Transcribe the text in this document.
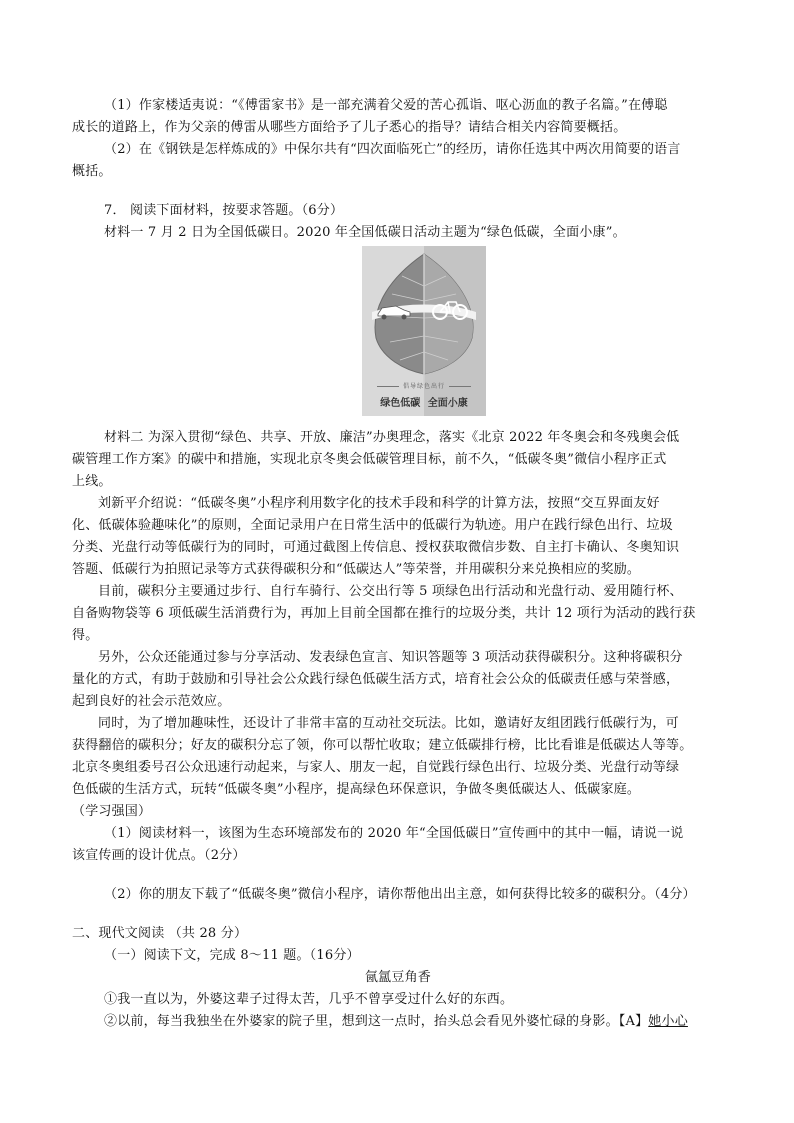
（1）作家楼适夷说：“《傅雷家书》是一部充满着父爱的苦心孤诣、呕心沥血的教子名篇。”在傅聪
成长的道路上，作为父亲的傅雷从哪些方面给予了儿子悉心的指导？请结合相关内容简要概括。
（2）在《钢铁是怎样炼成的》中保尔共有“四次面临死亡”的经历，请你任选其中两次用简要的语言
概括。
7． 阅读下面材料，按要求答题。（6分）
材料一 7 月 2 日为全国低碳日。2020 年全国低碳日活动主题为“绿色低碳，全面小康”。
倡导绿色出行
绿色低碳 全面小康
材料二 为深入贯彻“绿色、共享、开放、廉洁”办奥理念，落实《北京 2022 年冬奥会和冬残奥会低
碳管理工作方案》的碳中和措施，实现北京冬奥会低碳管理目标，前不久，“低碳冬奥”微信小程序正式
上线。
刘新平介绍说：“低碳冬奥”小程序利用数字化的技术手段和科学的计算方法，按照“交互界面友好
化、低碳体验趣味化”的原则，全面记录用户在日常生活中的低碳行为轨迹。用户在践行绿色出行、垃圾
分类、光盘行动等低碳行为的同时，可通过截图上传信息、授权获取微信步数、自主打卡确认、冬奥知识
答题、低碳行为拍照记录等方式获得碳积分和“低碳达人”等荣誉，并用碳积分来兑换相应的奖励。
目前，碳积分主要通过步行、自行车骑行、公交出行等 5 项绿色出行活动和光盘行动、爱用随行杯、
自备购物袋等 6 项低碳生活消费行为，再加上目前全国都在推行的垃圾分类，共计 12 项行为活动的践行获
得。
另外，公众还能通过参与分享活动、发表绿色宣言、知识答题等 3 项活动获得碳积分。这种将碳积分
量化的方式，有助于鼓励和引导社会公众践行绿色低碳生活方式，培育社会公众的低碳责任感与荣誉感，
起到良好的社会示范效应。
同时，为了增加趣味性，还设计了非常丰富的互动社交玩法。比如，邀请好友组团践行低碳行为，可
获得翻倍的碳积分；好友的碳积分忘了领，你可以帮忙收取；建立低碳排行榜，比比看谁是低碳达人等等。
北京冬奥组委号召公众迅速行动起来，与家人、朋友一起，自觉践行绿色出行、垃圾分类、光盘行动等绿
色低碳的生活方式，玩转“低碳冬奥”小程序，提高绿色环保意识，争做冬奥低碳达人、低碳家庭。
（学习强国）
（1）阅读材料一，该图为生态环境部发布的 2020 年“全国低碳日”宣传画中的其中一幅，请说一说
该宣传画的设计优点。（2分）
（2）你的朋友下载了“低碳冬奥”微信小程序，请你帮他出出主意，如何获得比较多的碳积分。（4分）
二、现代文阅读 （共 28 分）
（一）阅读下文，完成 8～11 题。（16分）
氤氲豆角香
①我一直以为，外婆这辈子过得太苦，几乎不曾享受过什么好的东西。
②以前，每当我独坐在外婆家的院子里，想到这一点时，抬头总会看见外婆忙碌的身影。【A】她小心
